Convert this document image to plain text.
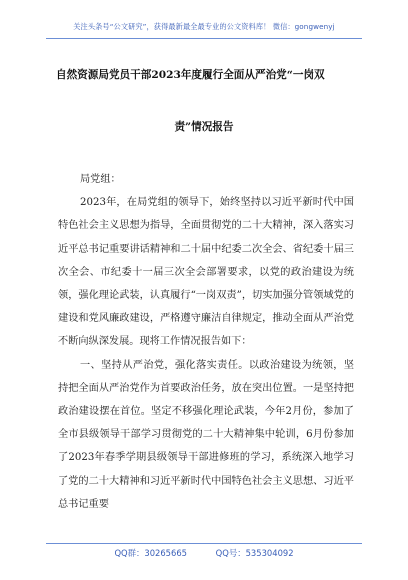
关注头条号“公文研究”，获得最新最全最专业的公文资料库！ 微信：gongwenyj
自然资源局党员干部2023年度履行全面从严治党“一岗双
责”情况报告

局党组：

2023年，在局党组的领导下，始终坚持以习近平新时代中国特色社会主义思想为指导，全面贯彻党的二十大精神，深入落实习近平总书记重要讲话精神和二十届中纪委二次全会、省纪委十届三次全会、市纪委十一届三次全会部署要求，以党的政治建设为统领，强化理论武装，认真履行“一岗双责”，切实加强分管领域党的建设和党风廉政建设，严格遵守廉洁自律规定，推动全面从严治党不断向纵深发展。现将工作情况报告如下：

一、坚持从严治党，强化落实责任。以政治建设为统领，坚持把全面从严治党作为首要政治任务，放在突出位置。一是坚持把政治建设摆在首位。坚定不移强化理论武装，今年2月份，参加了全市县级领导干部学习贯彻党的二十大精神集中轮训，6月份参加了2023年春季学期县级领导干部进修班的学习，系统深入地学习了党的二十大精神和习近平新时代中国特色社会主义思想、习近平总书记重要

QQ群：30265665	QQ号：535304092
